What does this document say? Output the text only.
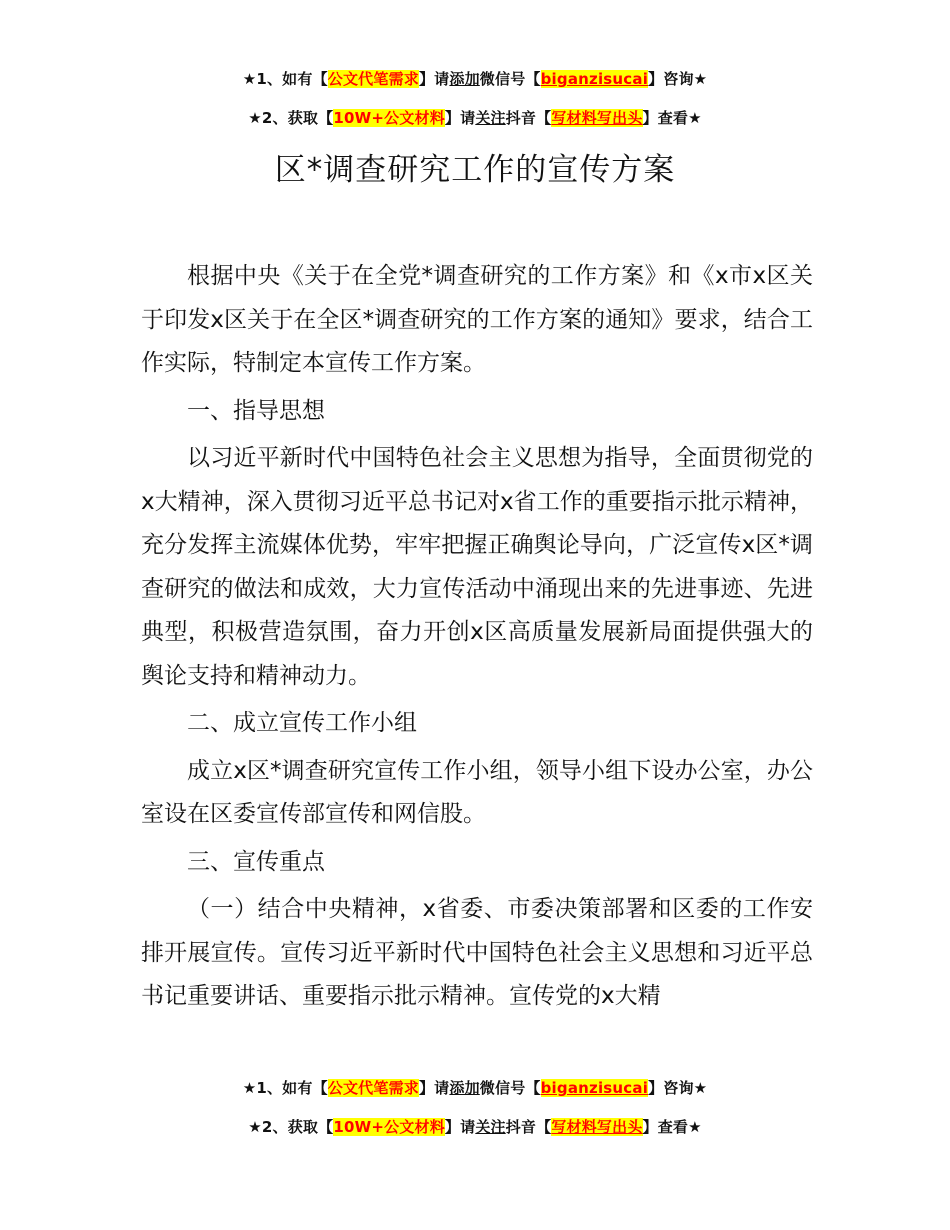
★1、如有【公文代笔需求】请添加微信号【biganzisucai】咨询★
★2、获取【10W+公文材料】请关注抖音【写材料写出头】查看★
区*调查研究工作的宣传方案

根据中央《关于在全党*调查研究的工作方案》和《x市x区关于印发x区关于在全区*调查研究的工作方案的通知》要求，结合工作实际，特制定本宣传工作方案。

一、指导思想

以习近平新时代中国特色社会主义思想为指导，全面贯彻党的x大精神，深入贯彻习近平总书记对x省工作的重要指示批示精神，充分发挥主流媒体优势，牢牢把握正确舆论导向，广泛宣传x区*调查研究的做法和成效，大力宣传活动中涌现出来的先进事迹、先进典型，积极营造氛围，奋力开创x区高质量发展新局面提供强大的舆论支持和精神动力。

二、成立宣传工作小组

成立x区*调查研究宣传工作小组，领导小组下设办公室，办公室设在区委宣传部宣传和网信股。

三、宣传重点

（一）结合中央精神，x省委、市委决策部署和区委的工作安排开展宣传。宣传习近平新时代中国特色社会主义思想和习近平总书记重要讲话、重要指示批示精神。宣传党的x大精

★1、如有【公文代笔需求】请添加微信号【biganzisucai】咨询★
★2、获取【10W+公文材料】请关注抖音【写材料写出头】查看★
